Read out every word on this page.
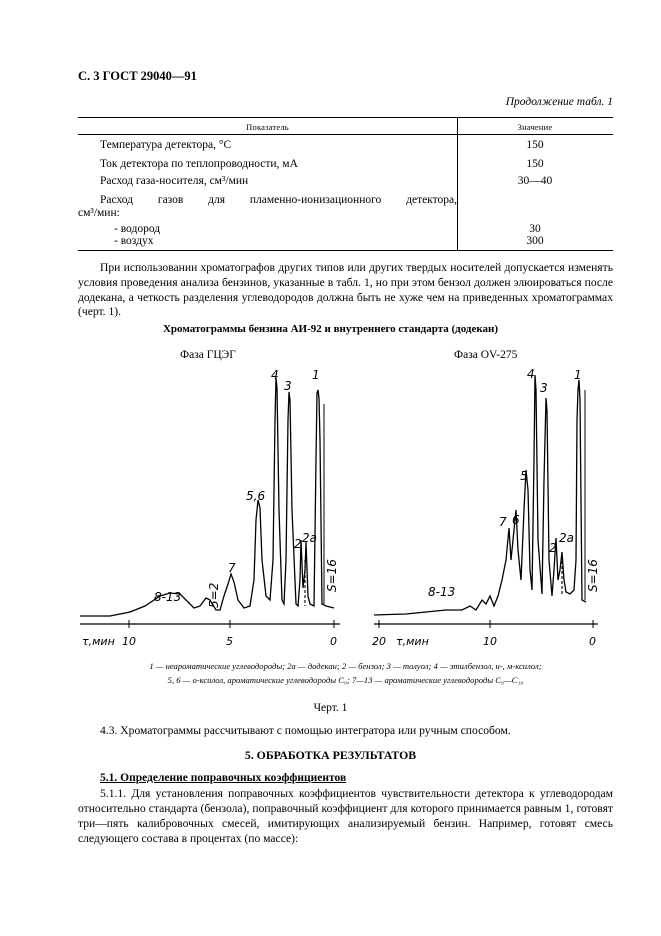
С. 3 ГОСТ 29040—91
Продолжение табл. 1
Показатель	Значение
Температура детектора, °С	150
Ток детектора по теплопроводности, мА	150
Расход газа-носителя, см³/мин	30—40
Расход газов для пламенно-ионизационного детектора,
см³/мин:
- водород	30
- воздух	300

При использовании хроматографов других типов или других твердых носителей допускается изменять условия проведения анализа бензинов, указанные в табл. 1, но при этом бензол должен элюироваться после додекана, а четкость разделения углеводородов должна быть не хуже чем на приведенных хроматограммах (черт. 1).

Хроматограммы бензина АИ-92 и внутреннего стандарта (додекан)
Фаза ГЦЭГ	Фаза OV-275
τ,мин 10	5	0
4
3
1
5,6
7
2 2а
8-13 5=2
S=16
20 τ,мин	10	0
4
3
1
5
7 6
2
2а
8-13	S=16
1 — неароматические углеводороды; 2а — додекан; 2 — бензол; 3 — толуол; 4 — этилбензол, н-, м-ксилол;
5, 6 — о-ксилол, ароматические углеводороды С₉; 7—13 — ароматические углеводороды С₉—С₁₀
Черт. 1
4.3. Хроматограммы рассчитывают с помощью интегратора или ручным способом.
5. ОБРАБОТКА РЕЗУЛЬТАТОВ
5.1. Определение поправочных коэффициентов

5.1.1. Для установления поправочных коэффициентов чувствительности детектора к углеводородам относительно стандарта (бензола), поправочный коэффициент для которого принимается равным 1, готовят три—пять калибровочных смесей, имитирующих анализируемый бензин. Например, готовят смесь следующего состава в процентах (по массе):
